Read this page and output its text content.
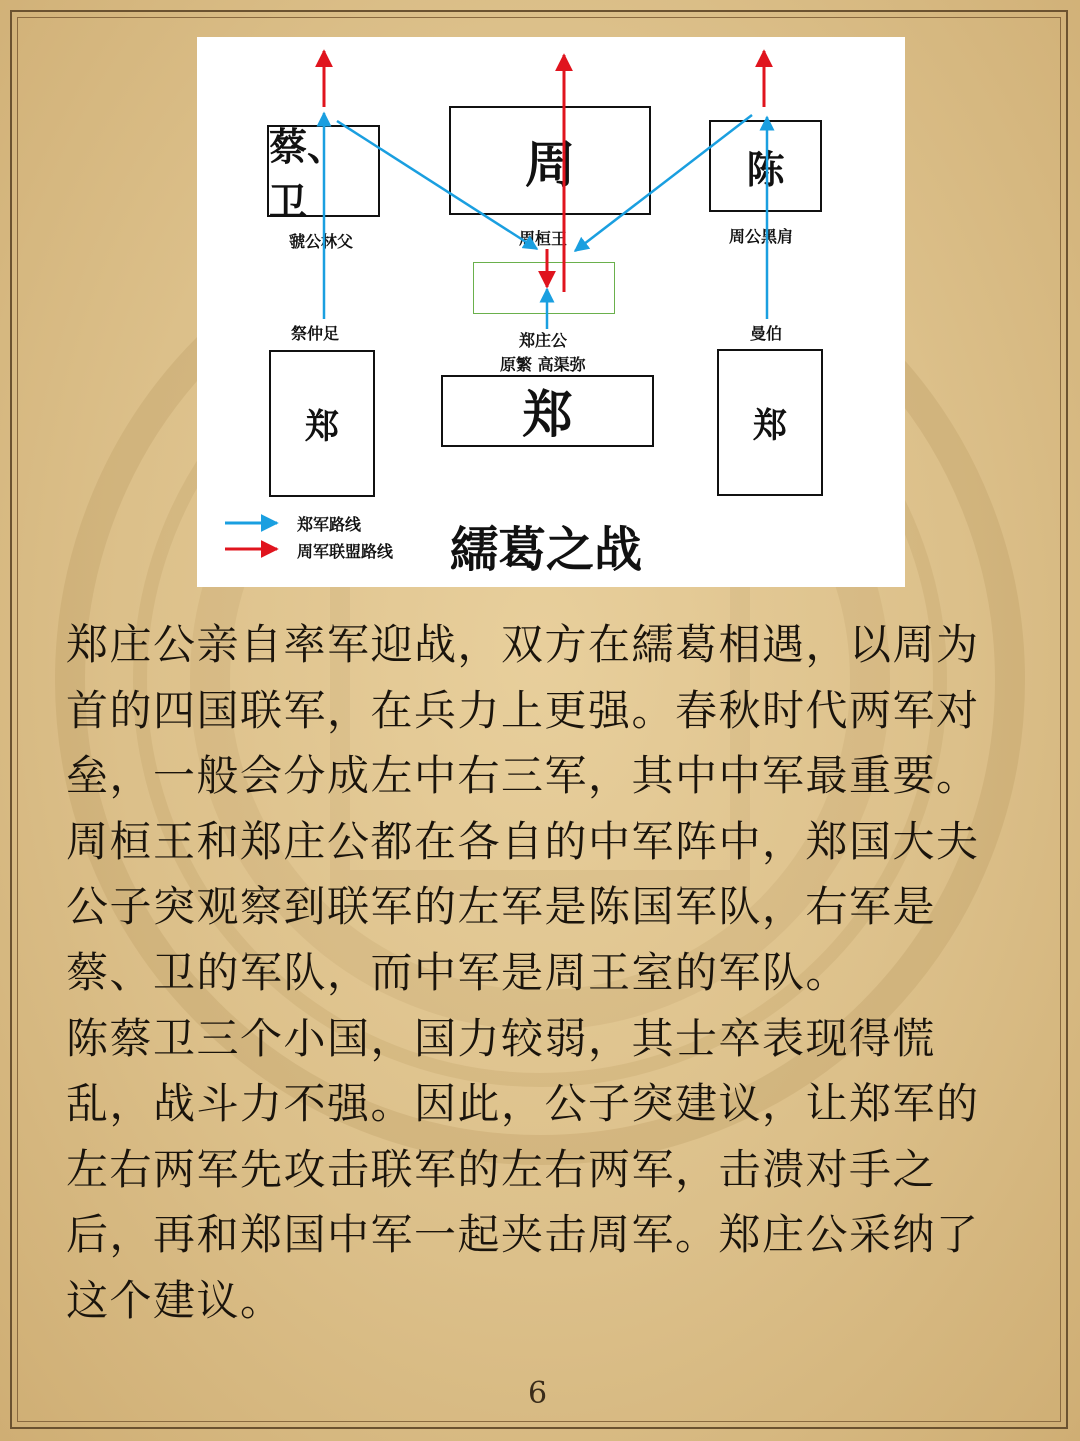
蔡、卫
周	陈
郑	郑	郑
虢公林父	周桓王	周公黑肩
祭仲足	郑庄公
原繁 高渠弥
曼伯
郑军路线
周军联盟路线 繻葛之战

郑庄公亲自率军迎战，双方在繻葛相遇，以周为首的四国联军，在兵力上更强。春秋时代两军对垒，一般会分成左中右三军，其中中军最重要。周桓王和郑庄公都在各自的中军阵中，郑国大夫公子突观察到联军的左军是陈国军队，右军是蔡、卫的军队，而中军是周王室的军队。

陈蔡卫三个小国，国力较弱，其士卒表现得慌乱，战斗力不强。因此，公子突建议，让郑军的左右两军先攻击联军的左右两军，击溃对手之后，再和郑国中军一起夹击周军。郑庄公采纳了这个建议。

6
